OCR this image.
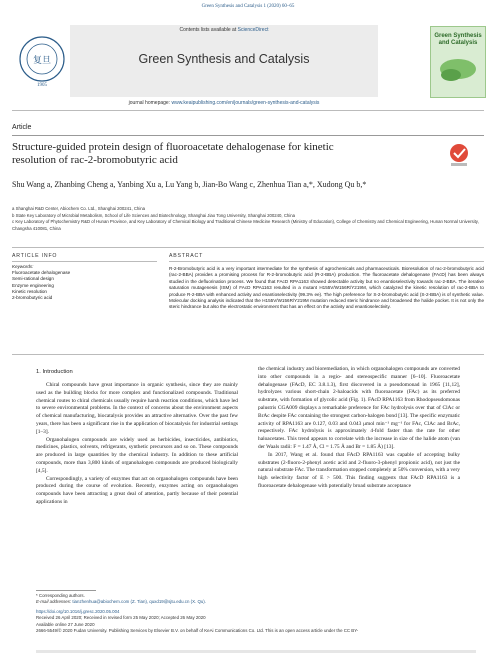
Green Synthesis and Catalysis 1 (2020) 60–65
复旦
1905
Contents lists available at ScienceDirect
Green Synthesis and Catalysis
journal homepage: www.keaipublishing.com/en/journals/green-synthesis-and-catalysis
Green Synthesis and Catalysis
Article
Structure-guided protein design of fluoroacetate dehalogenase for kinetic resolution of rac-2-bromobutyric acid
Shu Wang a, Zhanbing Cheng a, Yanbing Xu a, Lu Yang b, Jian-Bo Wang c, Zhenhua Tian a,*, Xudong Qu b,*
a Shanghai R&D Center, Abiochem Co. Ltd., Shanghai 200241, China
b State Key Laboratory of Microbial Metabolism, School of Life Sciences and Biotechnology, Shanghai Jiao Tong University, Shanghai 200240, China
c Key Laboratory of Phytochemistry R&D of Hunan Province, and Key Laboratory of Chemical Biology and Traditional Chinese Medicine Research (Ministry of Education), College of Chemistry and Chemical Engineering, Hunan Normal University, Changsha 410081, China
ARTICLE INFO	ABSTRACT
Keywords:
Fluoroacetate dehalogenase
Semi-rational design
Enzyme engineering
Kinetic resolution
2-bromobutyric acid
R-2-Bromobutyric acid is a very important intermediate for the synthesis of agrochemicals and pharmaceuticals. Bioresolution of rac-2-bromobutyric acid (rac-2-BBA) provides a promising process for R-2-bromobutyric acid (R-2-BBA) production. The fluoroacetate dehalogenase (FAcD) has been always studied in the defluorination process. We found that FAcD RPA1163 showed detectable activity but no enantioselectivity towards rac-2-BBA. The iterative saturation mutagenesis (ISM) of FAcD RPA1163 resulted in a mutant H155V/W156R/Y219M, which catalyzed the kinetic resolution of rac-2-BBA to produce R-2-BBA with enhanced activity and enantioselectivity (99.3% ee). The high preference for S-2-bromobutyric acid (S-2-BBA) is of synthetic value. Molecular docking analysis indicated that the H155V/W156R/Y219M mutation reduced steric hindrance and broadened the halide pocket. It is not only the steric hindrance but also the electrostatic environment that has an effect on the activity and enantioselectivity.
1. Introduction

Chiral compounds have great importance in organic synthesis, since they are mainly used as the building blocks for more complex and functionalized compounds. Traditional chemical routes to chiral chemicals usually require harsh reaction conditions, which have led to severe environmental problems. In the context of concerns about the environment aspects of chemical manufacturing, biocatalysis provides an attractive alternative. Over the past few years, there has been a significant rise in the application of biocatalysis for industrial settings [1–3].

Organohalogen compounds are widely used as herbicides, insecticides, antibiotics, medicines, plastics, solvents, refrigerants, synthetic precursors and so on. These compounds are produced in large quantities by the chemical industry. In addition to these artificial compounds, more than 3,800 kinds of organohalogen compounds are produced biologically [4,5].

Correspondingly, a variety of enzymes that act on organohalogen compounds have been produced during the course of evolution. Recently, enzymes acting on organohalogen compounds have been attracting a great deal of attention, partly because of their potential applications in

the chemical industry and bioremediation, in which organohalogen compounds are converted into other compounds in a regio- and stereospecific manner [6–10]. Fluoroacetate dehalogenase (FAcD, EC 3.8.1.3), first discovered in a pseudomonad in 1965 [11,12], hydrolyzes various short-chain 2-haloacids with fluoroacetate (FAc) as its preferred substrate, with formation of glycolic acid (Fig. 1). FAcD RPA1163 from Rhodopseudomonas palustris CGA009 displays a remarkable preference for FAc hydrolysis over that of ClAc or BrAc despite FAc containing the strongest carbon-halogen bond [13]. The specific enzymatic activity of RPA1163 are 0.127, 0.03 and 0.043 μmol min⁻¹ mg⁻¹ for FAc, ClAc and BrAc, respectively. FAc hydrolysis is approximately 4-fold faster than the rate for other haloacetates. This trend appears to correlate with the increase in size of the halide atom (van der Waals radii: F = 1.47 Å, Cl = 1.75 Å and Br = 1.85 Å) [13].

In 2017, Wang et al. found that FAcD RPA1163 was capable of accepting bulky substrates (2-fluoro-2-phenyl acetic acid and 2-fluoro-3-phenyl propionic acid), not just the natural substrate FAc. The transformation stopped completely at 50% conversion, with a very high selectivity factor of E > 500. This finding suggests that FAcD RPA1163 is a fluoroacetate dehalogenase with potentially broad substrate acceptance

* Corresponding authors.
E-mail addresses: tianzhenhua@abiochem.com (Z. Tian), quxd19@sjtu.edu.cn (X. Qu).
https://doi.org/10.1016/j.gresc.2020.05.004
Received 26 April 2020; Received in revised form 25 May 2020; Accepted 26 May 2020
Available online 27 June 2020
2666-5549/© 2020 Fudan University. Publishing Services by Elsevier B.V. on behalf of KeAi Communications Co. Ltd. This is an open access article under the CC BY-
